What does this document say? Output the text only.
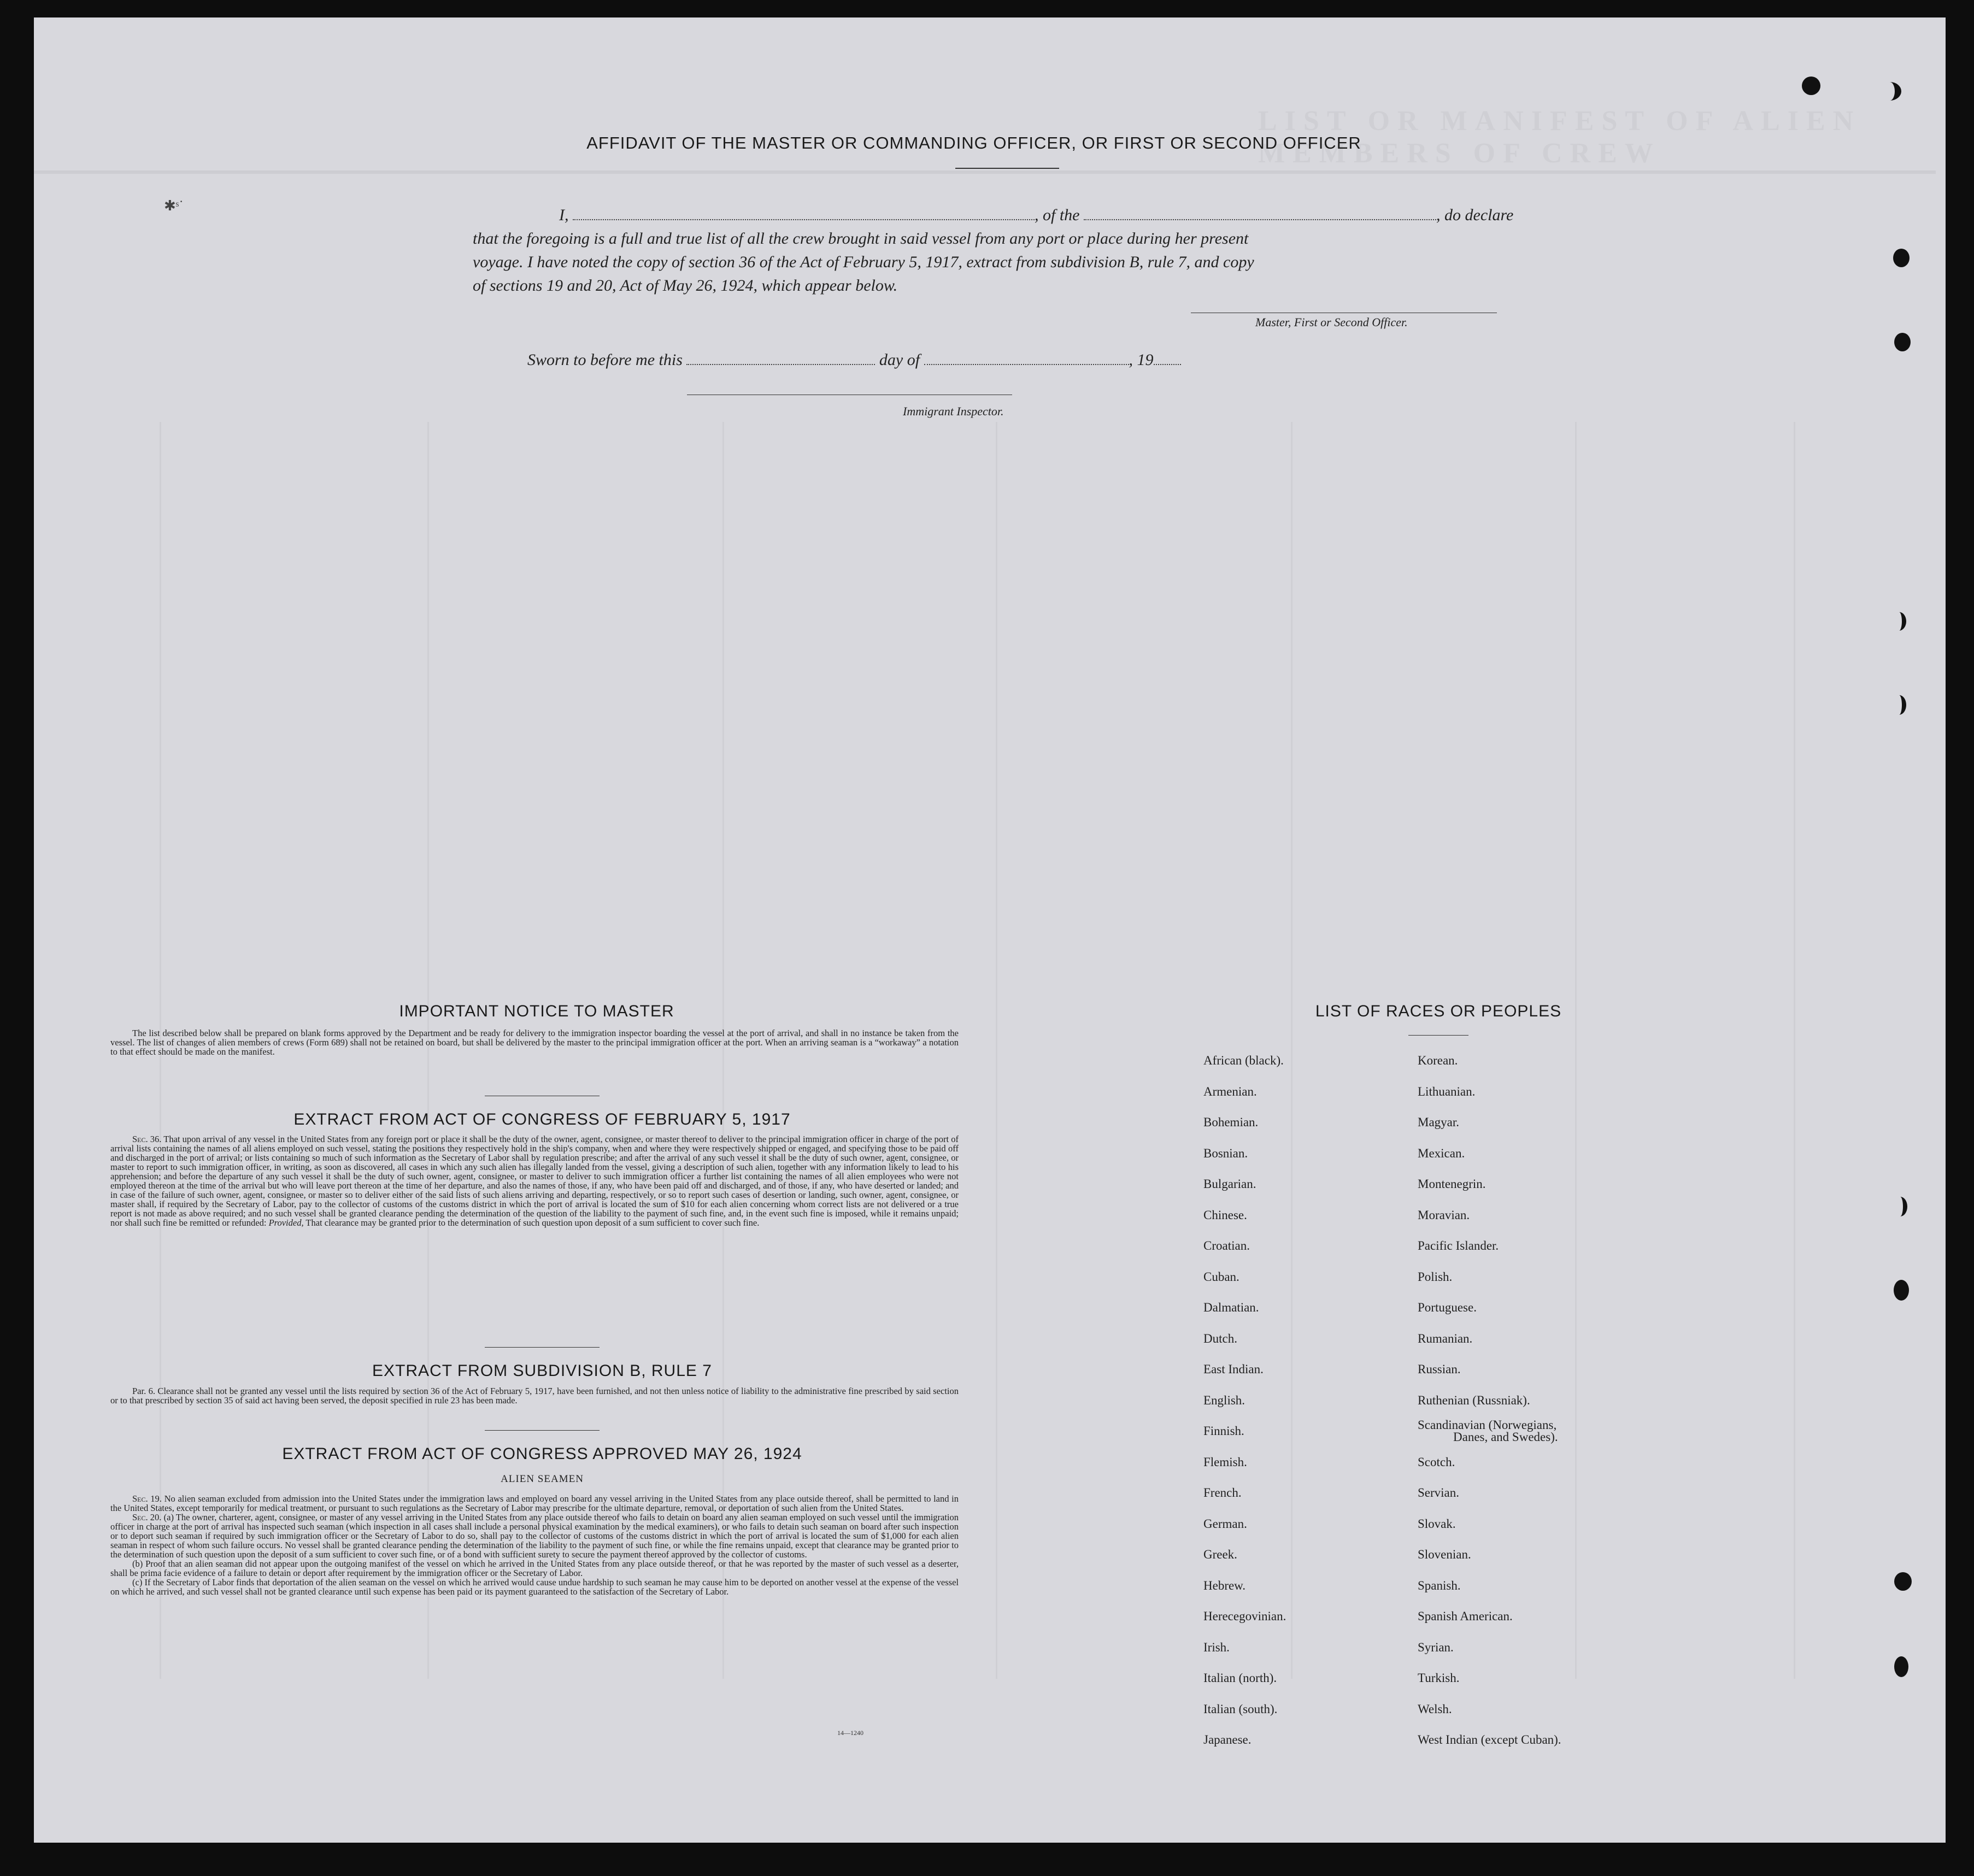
LIST OR MANIFEST OF ALIEN MEMBERS OF CREW
✱ˢ˙
AFFIDAVIT OF THE MASTER OR COMMANDING OFFICER, OR FIRST OR SECOND OFFICER
I,	, of the	, do declare
that the foregoing is a full and true list of all the crew brought in said vessel from any port or place during her present
voyage. I have noted the copy of section 36 of the Act of February 5, 1917, extract from subdivision B, rule 7, and copy
of sections 19 and 20, Act of May 26, 1924, which appear below.
Master, First or Second Officer.
Sworn to before me this	day of	, 19
Immigrant Inspector.
IMPORTANT NOTICE TO MASTER

The list described below shall be prepared on blank forms approved by the Department and be ready for delivery to the immigration inspector boarding the vessel at the port of arrival, and shall in no instance be taken from the vessel. The list of changes of alien members of crews (Form 689) shall not be retained on board, but shall be delivered by the master to the principal immigration officer at the port. When an arriving seaman is a “workaway” a notation to that effect should be made on the manifest.

EXTRACT FROM ACT OF CONGRESS OF FEBRUARY 5, 1917

Sec. 36. That upon arrival of any vessel in the United States from any foreign port or place it shall be the duty of the owner, agent, consignee, or master thereof to deliver to the principal immigration officer in charge of the port of arrival lists containing the names of all aliens employed on such vessel, stating the positions they respectively hold in the ship's company, when and where they were respectively shipped or engaged, and specifying those to be paid off and discharged in the port of arrival; or lists containing so much of such information as the Secretary of Labor shall by regulation prescribe; and after the arrival of any such vessel it shall be the duty of such owner, agent, consignee, or master to report to such immigration officer, in writing, as soon as discovered, all cases in which any such alien has illegally landed from the vessel, giving a description of such alien, together with any information likely to lead to his apprehension; and before the departure of any such vessel it shall be the duty of such owner, agent, consignee, or master to deliver to such immigration officer a further list containing the names of all alien employees who were not employed thereon at the time of the arrival but who will leave port thereon at the time of her departure, and also the names of those, if any, who have been paid off and discharged, and of those, if any, who have deserted or landed; and in case of the failure of such owner, agent, consignee, or master so to deliver either of the said lists of such aliens arriving and departing, respectively, or so to report such cases of desertion or landing, such owner, agent, consignee, or master shall, if required by the Secretary of Labor, pay to the collector of customs of the customs district in which the port of arrival is located the sum of $10 for each alien concerning whom correct lists are not delivered or a true report is not made as above required; and no such vessel shall be granted clearance pending the determination of the question of the liability to the payment of such fine, and, in the event such fine is imposed, while it remains unpaid; nor shall such fine be remitted or refunded: Provided, That clearance may be granted prior to the determination of such question upon deposit of a sum sufficient to cover such fine.

EXTRACT FROM SUBDIVISION B, RULE 7

Par. 6. Clearance shall not be granted any vessel until the lists required by section 36 of the Act of February 5, 1917, have been furnished, and not then unless notice of liability to the administrative fine prescribed by said section or to that prescribed by section 35 of said act having been served, the deposit specified in rule 23 has been made.

EXTRACT FROM ACT OF CONGRESS APPROVED MAY 26, 1924
ALIEN SEAMEN

Sec. 19. No alien seaman excluded from admission into the United States under the immigration laws and employed on board any vessel arriving in the United States from any place outside thereof, shall be permitted to land in the United States, except temporarily for medical treatment, or pursuant to such regulations as the Secretary of Labor may prescribe for the ultimate departure, removal, or deportation of such alien from the United States.

Sec. 20. (a) The owner, charterer, agent, consignee, or master of any vessel arriving in the United States from any place outside thereof who fails to detain on board any alien seaman employed on such vessel until the immigration officer in charge at the port of arrival has inspected such seaman (which inspection in all cases shall include a personal physical examination by the medical examiners), or who fails to detain such seaman on board after such inspection or to deport such seaman if required by such immigration officer or the Secretary of Labor to do so, shall pay to the collector of customs of the customs district in which the port of arrival is located the sum of $1,000 for each alien seaman in respect of whom such failure occurs. No vessel shall be granted clearance pending the determination of the liability to the payment of such fine, or while the fine remains unpaid, except that clearance may be granted prior to the determination of such question upon the deposit of a sum sufficient to cover such fine, or of a bond with sufficient surety to secure the payment thereof approved by the collector of customs.

(b) Proof that an alien seaman did not appear upon the outgoing manifest of the vessel on which he arrived in the United States from any place outside thereof, or that he was reported by the master of such vessel as a deserter, shall be prima facie evidence of a failure to detain or deport after requirement by the immigration officer or the Secretary of Labor.

(c) If the Secretary of Labor finds that deportation of the alien seaman on the vessel on which he arrived would cause undue hardship to such seaman he may cause him to be deported on another vessel at the expense of the vessel on which he arrived, and such vessel shall not be granted clearance until such expense has been paid or its payment guaranteed to the satisfaction of the Secretary of Labor.

14—1240
LIST OF RACES OR PEOPLES
African (black).
Armenian.
Bohemian.
Bosnian.
Bulgarian.
Chinese.
Croatian.
Cuban.
Dalmatian.
Dutch.
East Indian.
English.
Finnish.
Flemish.
French.
German.
Greek.
Hebrew.
Herecegovinian.
Irish.
Italian (north).
Italian (south).
Japanese.
Korean.
Lithuanian.
Magyar.
Mexican.
Montenegrin.
Moravian.
Pacific Islander.
Polish.
Portuguese.
Rumanian.
Russian.
Ruthenian (Russniak).
Scandinavian (Norwegians,
Danes, and Swedes).
Scotch.
Servian.
Slovak.
Slovenian.
Spanish.
Spanish American.
Syrian.
Turkish.
Welsh.
West Indian (except Cuban).
